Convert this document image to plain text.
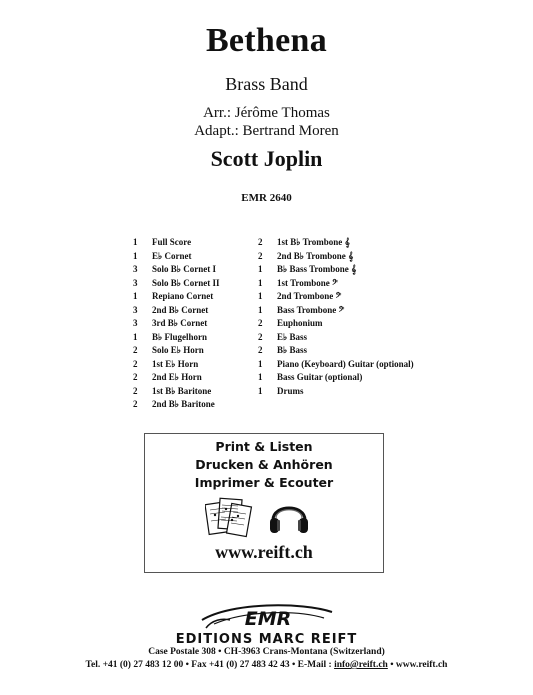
Bethena
Brass Band
Arr.: Jérôme Thomas
Adapt.: Bertrand Moren
Scott Joplin
EMR 2640
1	Full Score
1	E♭ Cornet
3	Solo B♭ Cornet I
3	Solo B♭ Cornet II
1	Repiano Cornet
3	2nd B♭ Cornet
3	3rd B♭ Cornet
1	B♭ Flugelhorn
2	Solo E♭ Horn
2	1st E♭ Horn
2	2nd E♭ Horn
2	1st B♭ Baritone
2	2nd B♭ Baritone
2	1st B♭ Trombone 𝄞
2	2nd B♭ Trombone 𝄞
1	B♭ Bass Trombone 𝄞
1	1st Trombone 𝄢
1	2nd Trombone 𝄢
1	Bass Trombone 𝄢
2	Euphonium
2	E♭ Bass
2	B♭ Bass
1	Piano (Keyboard) Guitar (optional)
1	Bass Guitar (optional)
1	Drums
Print & Listen
Drucken & Anhören
Imprimer & Ecouter
www.reift.ch
EMR
EDITIONS MARC REIFT
Case Postale 308 • CH-3963 Crans-Montana (Switzerland)
Tel. +41 (0) 27 483 12 00 • Fax +41 (0) 27 483 42 43 • E-Mail : info@reift.ch • www.reift.ch
